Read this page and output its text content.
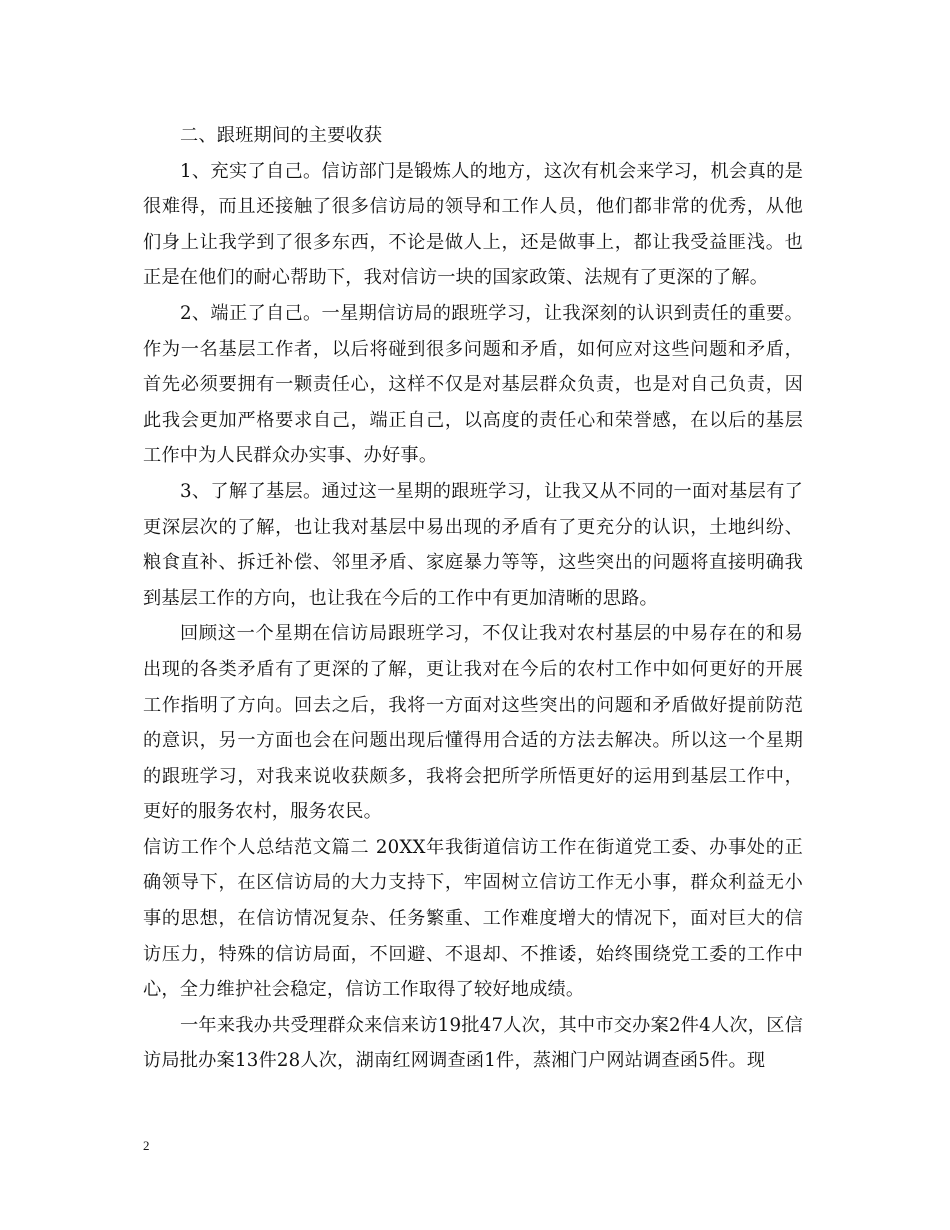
二、跟班期间的主要收获

1、充实了自己。信访部门是锻炼人的地方，这次有机会来学习，机会真的是很难得，而且还接触了很多信访局的领导和工作人员，他们都非常的优秀，从他们身上让我学到了很多东西，不论是做人上，还是做事上，都让我受益匪浅。也正是在他们的耐心帮助下，我对信访一块的国家政策、法规有了更深的了解。

2、端正了自己。一星期信访局的跟班学习，让我深刻的认识到责任的重要。作为一名基层工作者，以后将碰到很多问题和矛盾，如何应对这些问题和矛盾，首先必须要拥有一颗责任心，这样不仅是对基层群众负责，也是对自己负责，因此我会更加严格要求自己，端正自己，以高度的责任心和荣誉感，在以后的基层工作中为人民群众办实事、办好事。

3、了解了基层。通过这一星期的跟班学习，让我又从不同的一面对基层有了更深层次的了解，也让我对基层中易出现的矛盾有了更充分的认识，土地纠纷、粮食直补、拆迁补偿、邻里矛盾、家庭暴力等等，这些突出的问题将直接明确我到基层工作的方向，也让我在今后的工作中有更加清晰的思路。

回顾这一个星期在信访局跟班学习，不仅让我对农村基层的中易存在的和易出现的各类矛盾有了更深的了解，更让我对在今后的农村工作中如何更好的开展工作指明了方向。回去之后，我将一方面对这些突出的问题和矛盾做好提前防范的意识，另一方面也会在问题出现后懂得用合适的方法去解决。所以这一个星期的跟班学习，对我来说收获颇多，我将会把所学所悟更好的运用到基层工作中，更好的服务农村，服务农民。

信访工作个人总结范文篇二 20XX年我街道信访工作在街道党工委、办事处的正确领导下，在区信访局的大力支持下，牢固树立信访工作无小事，群众利益无小事的思想，在信访情况复杂、任务繁重、工作难度增大的情况下，面对巨大的信访压力，特殊的信访局面，不回避、不退却、不推诿，始终围绕党工委的工作中心，全力维护社会稳定，信访工作取得了较好地成绩。

一年来我办共受理群众来信来访19批47人次，其中市交办案2件4人次，区信访局批办案13件28人次，湖南红网调查函1件，蒸湘门户网站调查函5件。现

2
